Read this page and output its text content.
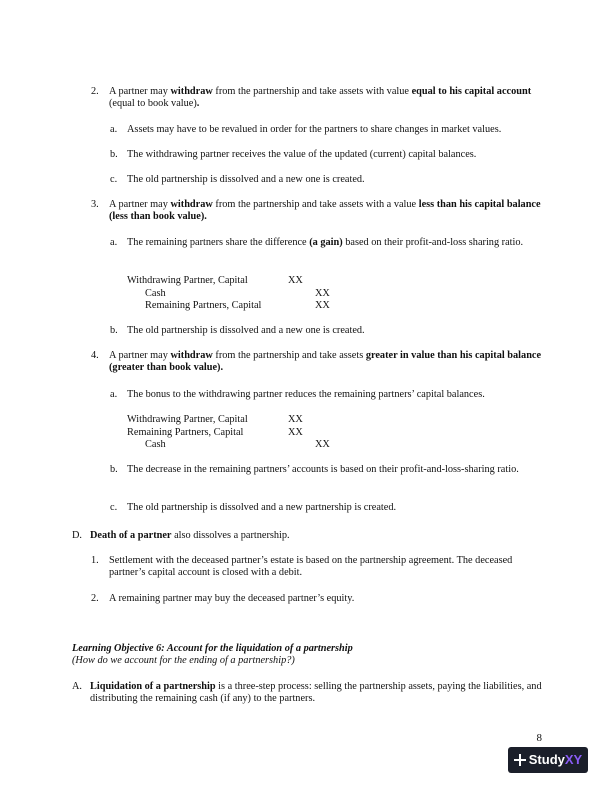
2. A partner may withdraw from the partnership and take assets with value equal to his capital account (equal to book value).
a. Assets may have to be revalued in order for the partners to share changes in market values.
b. The withdrawing partner receives the value of the updated (current) capital balances.
c. The old partnership is dissolved and a new one is created.
3. A partner may withdraw from the partnership and take assets with a value less than his capital balance (less than book value).
a. The remaining partners share the difference (a gain) based on their profit-and-loss sharing ratio.
Withdrawing Partner, Capital	XX
Cash	XX
Remaining Partners, Capital	XX
b. The old partnership is dissolved and a new one is created.
4. A partner may withdraw from the partnership and take assets greater in value than his capital balance (greater than book value).
a. The bonus to the withdrawing partner reduces the remaining partners’ capital balances.
Withdrawing Partner, Capital	XX
Remaining Partners, Capital	XX
Cash	XX
b. The decrease in the remaining partners’ accounts is based on their profit-and-loss-sharing ratio.
c. The old partnership is dissolved and a new partnership is created.
D. Death of a partner also dissolves a partnership.
1. Settlement with the deceased partner’s estate is based on the partnership agreement. The deceased partner’s capital account is closed with a debit.
2. A remaining partner may buy the deceased partner’s equity.
Learning Objective 6: Account for the liquidation of a partnership
(How do we account for the ending of a partnership?)
A. Liquidation of a partnership is a three-step process: selling the partnership assets, paying the liabilities, and distributing the remaining cash (if any) to the partners.
8
StudyXY
